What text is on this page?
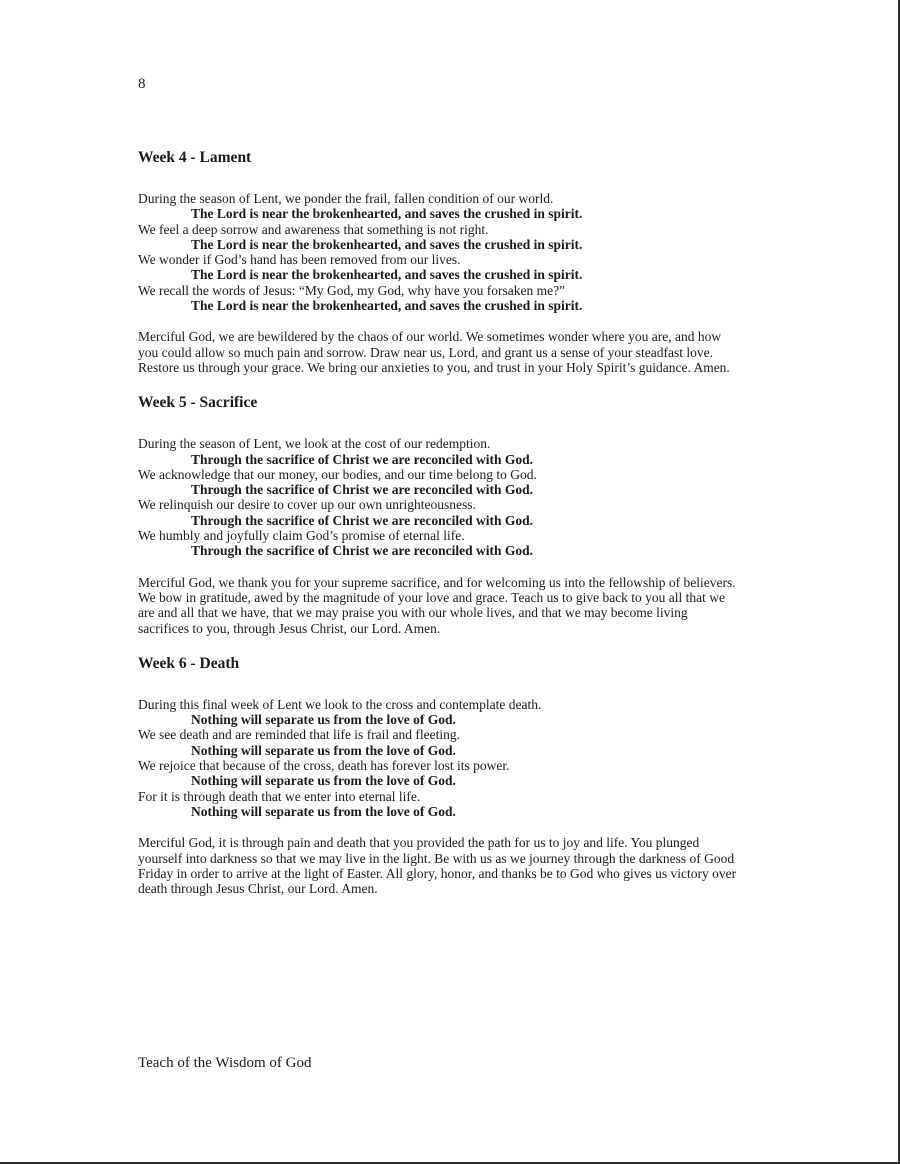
8
Week 4 - Lament

During the season of Lent, we ponder the frail, fallen condition of our world.

The Lord is near the brokenhearted, and saves the crushed in spirit.

We feel a deep sorrow and awareness that something is not right.

The Lord is near the brokenhearted, and saves the crushed in spirit.

We wonder if God’s hand has been removed from our lives.

The Lord is near the brokenhearted, and saves the crushed in spirit.

We recall the words of Jesus: “My God, my God, why have you forsaken me?”

The Lord is near the brokenhearted, and saves the crushed in spirit.

Merciful God, we are bewildered by the chaos of our world. We sometimes wonder where you are, and how you could allow so much pain and sorrow. Draw near us, Lord, and grant us a sense of your steadfast love. Restore us through your grace. We bring our anxieties to you, and trust in your Holy Spirit’s guidance. Amen.

Week 5 - Sacrifice

During the season of Lent, we look at the cost of our redemption.

Through the sacrifice of Christ we are reconciled with God.

We acknowledge that our money, our bodies, and our time belong to God.

Through the sacrifice of Christ we are reconciled with God.

We relinquish our desire to cover up our own unrighteousness.

Through the sacrifice of Christ we are reconciled with God.

We humbly and joyfully claim God’s promise of eternal life.

Through the sacrifice of Christ we are reconciled with God.

Merciful God, we thank you for your supreme sacrifice, and for welcoming us into the fellowship of believers. We bow in gratitude, awed by the magnitude of your love and grace. Teach us to give back to you all that we are and all that we have, that we may praise you with our whole lives, and that we may become living sacrifices to you, through Jesus Christ, our Lord. Amen.

Week 6 - Death

During this final week of Lent we look to the cross and contemplate death.

Nothing will separate us from the love of God.

We see death and are reminded that life is frail and fleeting.

Nothing will separate us from the love of God.

We rejoice that because of the cross, death has forever lost its power.

Nothing will separate us from the love of God.

For it is through death that we enter into eternal life.

Nothing will separate us from the love of God.

Merciful God, it is through pain and death that you provided the path for us to joy and life. You plunged yourself into darkness so that we may live in the light. Be with us as we journey through the darkness of Good Friday in order to arrive at the light of Easter. All glory, honor, and thanks be to God who gives us victory over death through Jesus Christ, our Lord. Amen.

Teach of the Wisdom of God
